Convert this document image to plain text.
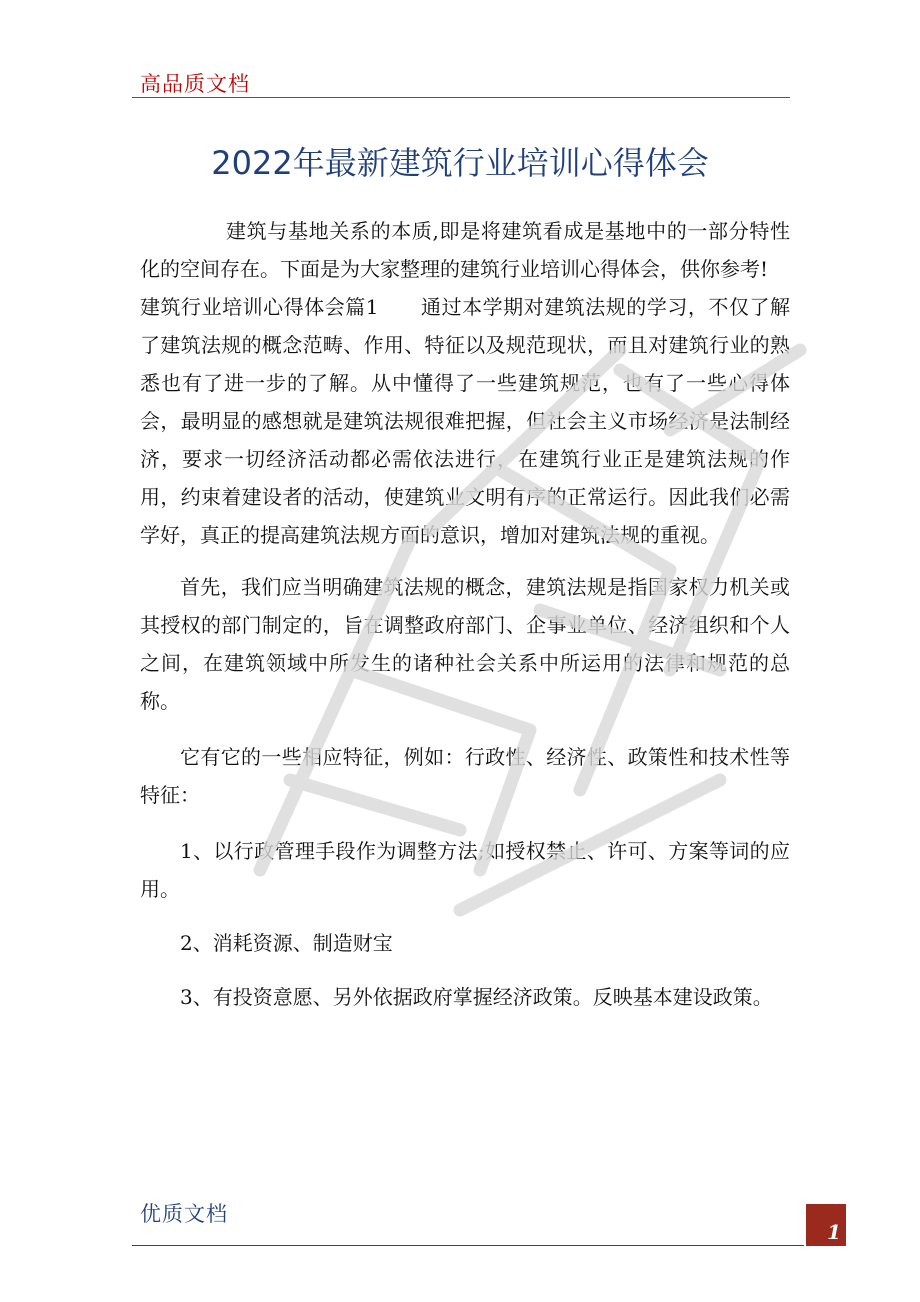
高品质文档
2022年最新建筑行业培训心得体会

建筑与基地关系的本质,即是将建筑看成是基地中的一部分特性化的空间存在。下面是为大家整理的建筑行业培训心得体会，供你参考!

建筑行业培训心得体会篇1 通过本学期对建筑法规的学习，不仅了解了建筑法规的概念范畴、作用、特征以及规范现状，而且对建筑行业的熟悉也有了进一步的了解。从中懂得了一些建筑规范，也有了一些心得体会，最明显的感想就是建筑法规很难把握，但社会主义市场经济是法制经济，要求一切经济活动都必需依法进行，在建筑行业正是建筑法规的作用，约束着建设者的活动，使建筑业文明有序的正常运行。因此我们必需学好，真正的提高建筑法规方面的意识，增加对建筑法规的重视。

首先，我们应当明确建筑法规的概念，建筑法规是指国家权力机关或其授权的部门制定的，旨在调整政府部门、企事业单位、经济组织和个人之间，在建筑领域中所发生的诸种社会关系中所运用的法律和规范的总称。

它有它的一些相应特征，例如：行政性、经济性、政策性和技术性等特征：

1、以行政管理手段作为调整方法;如授权禁止、许可、方案等词的应用。

2、消耗资源、制造财宝

3、有投资意愿、另外依据政府掌握经济政策。反映基本建设政策。

优质文档
1
